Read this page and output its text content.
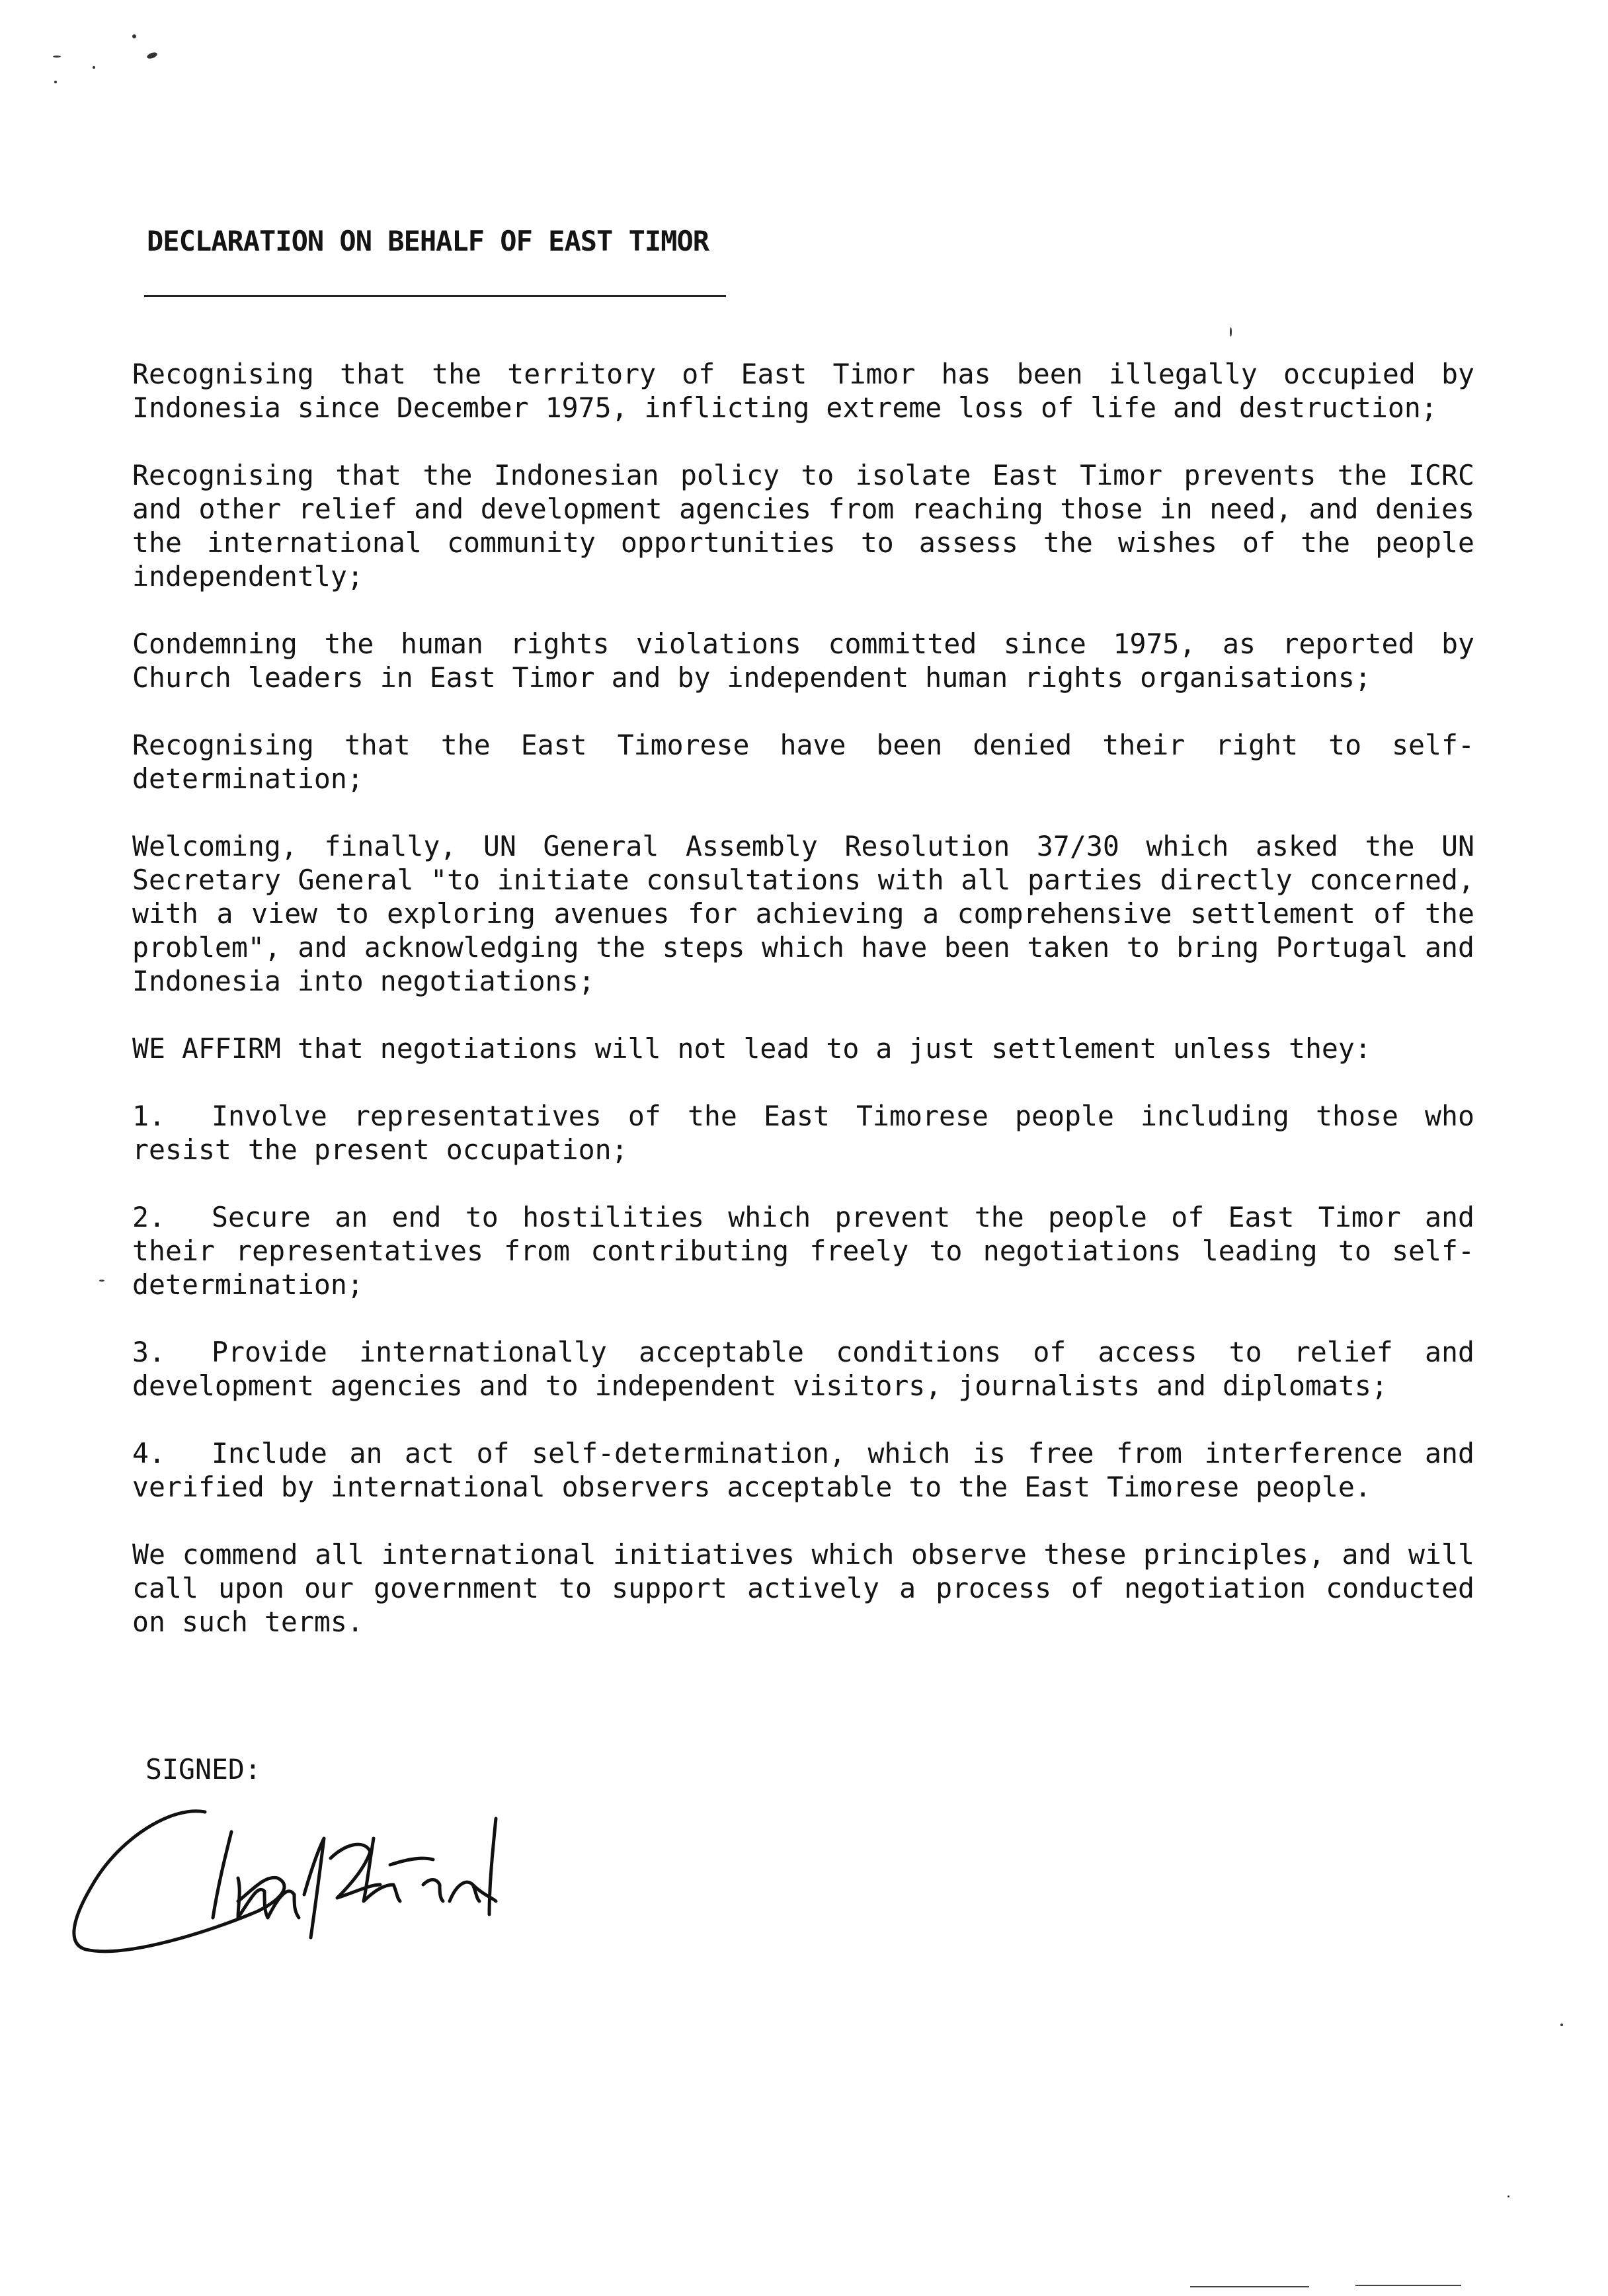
DECLARATION ON BEHALF OF EAST TIMOR

Recognising that the territory of East Timor has been illegally occupied by Indonesia since December 1975, inflicting extreme loss of life and destruction;

Recognising that the Indonesian policy to isolate East Timor prevents the ICRC and other relief and development agencies from reaching those in need, and denies the international community opportunities to assess the wishes of the people independently;

Condemning the human rights violations committed since 1975, as reported by Church leaders in East Timor and by independent human rights organisations;

Recognising that the East Timorese have been denied their right to self-determination;

Welcoming, finally, UN General Assembly Resolution 37/30 which asked the UN Secretary General "to initiate consultations with all parties directly concerned, with a view to exploring avenues for achieving a comprehensive settlement of the problem", and acknowledging the steps which have been taken to bring Portugal and Indonesia into negotiations;

WE AFFIRM that negotiations will not lead to a just settlement unless they:

1. Involve representatives of the East Timorese people including those who resist the present occupation;

2. Secure an end to hostilities which prevent the people of East Timor and their representatives from contributing freely to negotiations leading to self-determination;

3. Provide internationally acceptable conditions of access to relief and development agencies and to independent visitors, journalists and diplomats;

4. Include an act of self-determination, which is free from interference and verified by international observers acceptable to the East Timorese people.

We commend all international initiatives which observe these principles, and will call upon our government to support actively a process of negotiation conducted on such terms.

SIGNED:
